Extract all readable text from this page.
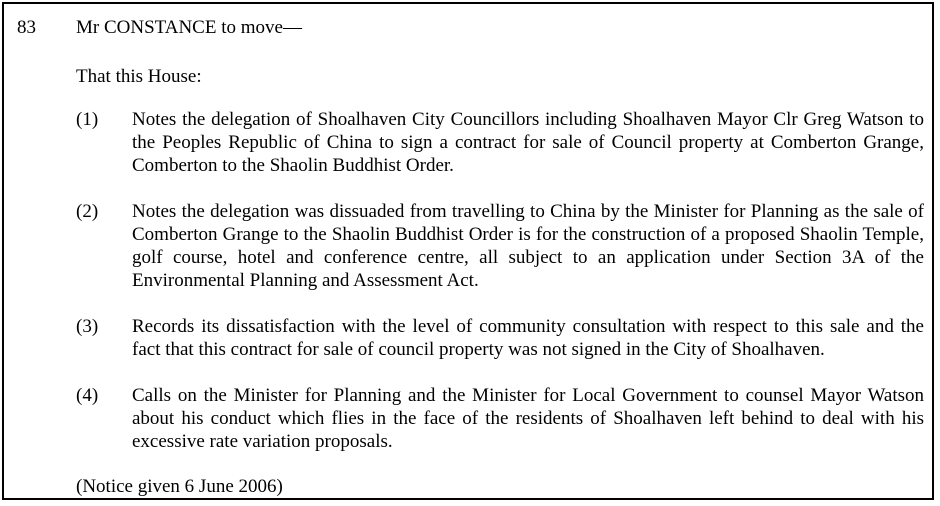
83 Mr CONSTANCE to move—
That this House:
(1) Notes the delegation of Shoalhaven City Councillors including Shoalhaven Mayor Clr Greg Watson to the Peoples Republic of China to sign a contract for sale of Council property at Comberton Grange, Comberton to the Shaolin Buddhist Order.
(2) Notes the delegation was dissuaded from travelling to China by the Minister for Planning as the sale of Comberton Grange to the Shaolin Buddhist Order is for the construction of a proposed Shaolin Temple, golf course, hotel and conference centre, all subject to an application under Section 3A of the Environmental Planning and Assessment Act.
(3) Records its dissatisfaction with the level of community consultation with respect to this sale and the fact that this contract for sale of council property was not signed in the City of Shoalhaven.
(4) Calls on the Minister for Planning and the Minister for Local Government to counsel Mayor Watson about his conduct which flies in the face of the residents of Shoalhaven left behind to deal with his excessive rate variation proposals.
(Notice given 6 June 2006)
